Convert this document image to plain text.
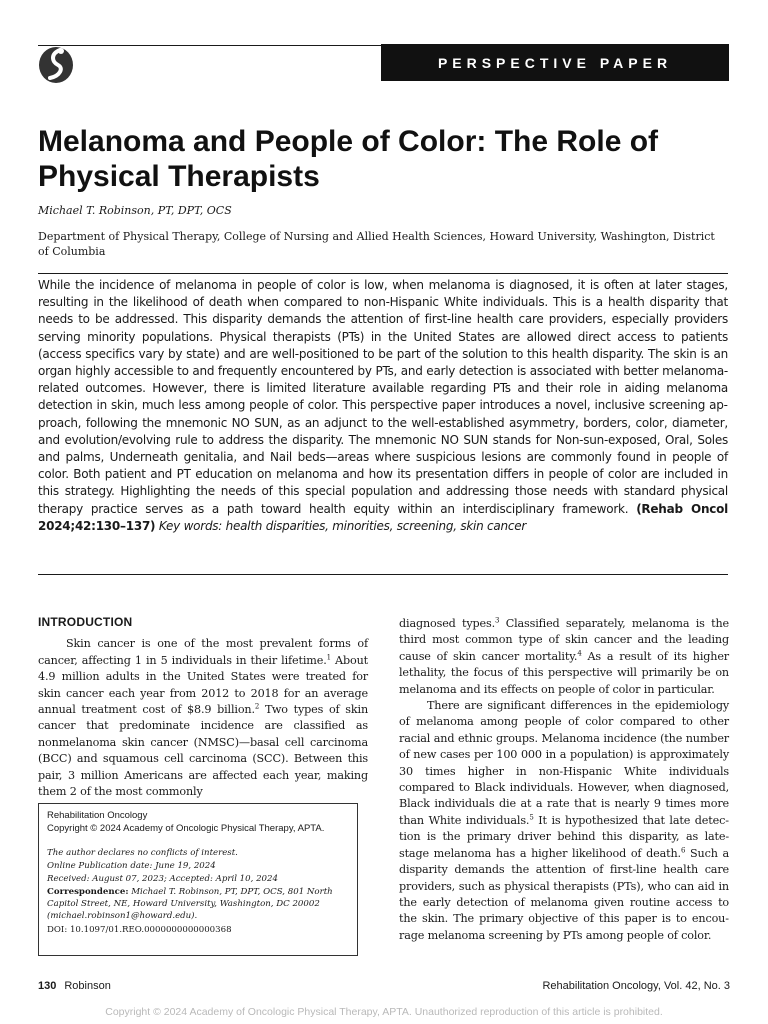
PERSPECTIVE PAPER
Melanoma and People of Color: The Role of Physical Therapists
Michael T. Robinson, PT, DPT, OCS
Department of Physical Therapy, College of Nursing and Allied Health Sciences, Howard University, Washington, District of Columbia
While the incidence of melanoma in people of color is low, when melanoma is diagnosed, it is often at later stages, resulting in the likelihood of death when compared to non-Hispanic White individuals. This is a health disparity that needs to be addressed. This disparity demands the attention of first-line health care providers, especially providers serving minority populations. Physical therapists (PTs) in the United States are allowed direct access to patients (access specifics vary by state) and are well-positioned to be part of the solution to this health disparity. The skin is an organ highly accessible to and frequently encountered by PTs, and early detection is associated with better melanoma-related outcomes. However, there is limited literature available regarding PTs and their role in aiding melanoma detection in skin, much less among people of color. This perspective paper introduces a novel, inclusive screening approach, following the mnemonic NO SUN, as an adjunct to the well-established asymmetry, borders, color, diameter, and evolution/evolving rule to address the disparity. The mnemonic NO SUN stands for Non-sun-exposed, Oral, Soles and palms, Underneath genitalia, and Nail beds—areas where suspicious lesions are commonly found in people of color. Both patient and PT education on melanoma and how its presentation differs in people of color are included in this strategy. Highlighting the needs of this special population and addressing those needs with standard physical therapy practice serves as a path toward health equity within an interdisciplinary framework. (Rehab Oncol 2024;42:130–137) Key words: health disparities, minorities, screening, skin cancer
INTRODUCTION

Skin cancer is one of the most prevalent forms of cancer, affecting 1 in 5 individuals in their lifetime.$^1$ About 4.9 million adults in the United States were treated for skin cancer each year from 2012 to 2018 for an average annual treatment cost of $8.9 billion.$^2$ Two types of skin cancer that predominate incidence are classified as nonmelanoma skin cancer (NMSC)—basal cell carcinoma (BCC) and squamous cell carcinoma (SCC). Between this pair, 3 million Americans are affected each year, making them 2 of the most commonly

Rehabilitation Oncology
Copyright © 2024 Academy of Oncologic Physical Therapy, APTA.
The author declares no conflicts of interest.
Online Publication date: June 19, 2024
Received: August 07, 2023; Accepted: April 10, 2024
Correspondence: Michael T. Robinson, PT, DPT, OCS, 801 North Capitol Street, NE, Howard University, Washington, DC 20002 (michael.robinson1@howard.edu).
DOI: 10.1097/01.REO.0000000000000368

diagnosed types.$^3$ Classified separately, melanoma is the third most common type of skin cancer and the leading cause of skin cancer mortality.$^4$ As a result of its higher lethality, the focus of this perspective will primarily be on melanoma and its effects on people of color in particular.

There are significant differences in the epidemiology of melanoma among people of color compared to other racial and ethnic groups. Melanoma incidence (the number of new cases per 100 000 in a population) is approximately 30 times higher in non-Hispanic White individuals compared to Black individuals. However, when diagnosed, Black individuals die at a rate that is nearly 9 times more than White individuals.$^5$ It is hypothesized that late detection is the primary driver behind this disparity, as late-stage melanoma has a higher likelihood of death.$^6$ Such a disparity demands the attention of first-line health care providers, such as physical therapists (PTs), who can aid in the early detection of melanoma given routine access to the skin. The primary objective of this paper is to encourage melanoma screening by PTs among people of color.

130 Robinson	Rehabilitation Oncology, Vol. 42, No. 3
Copyright © 2024 Academy of Oncologic Physical Therapy, APTA. Unauthorized reproduction of this article is prohibited.
